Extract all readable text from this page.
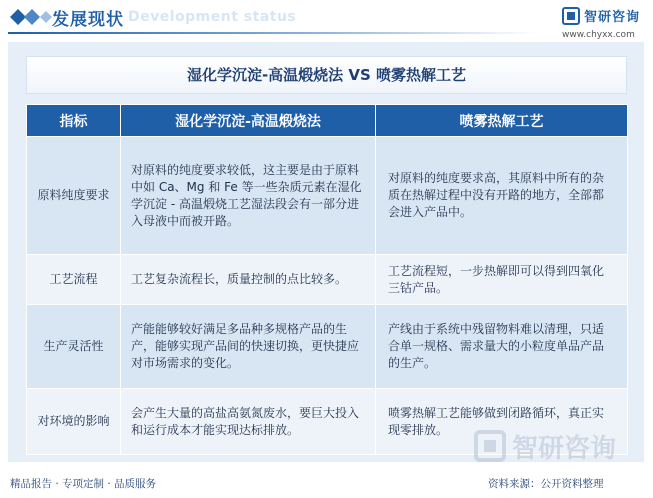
Development status
发展现状	智研咨询
www.chyxx.com
湿化学沉淀-高温煅烧法 VS 喷雾热解工艺
指标	湿化学沉淀-高温煅烧法	喷雾热解工艺
原料纯度要求	对原料的纯度要求较低，这主要是由于原料中如 Ca、Mg 和 Fe 等一些杂质元素在湿化学沉淀 - 高温煅烧工艺湿法段会有一部分进入母液中而被开路。	对原料的纯度要求高，其原料中所有的杂质在热解过程中没有开路的地方，全部都会进入产品中。
工艺流程	工艺复杂流程长，质量控制的点比较多。	工艺流程短，一步热解即可以得到四氧化三钴产品。
生产灵活性	产能能够较好满足多品种多规格产品的生产，能够实现产品间的快速切换，更快捷应对市场需求的变化。	产线由于系统中残留物料难以清理，只适合单一规格、需求量大的小粒度单品产品的生产。
对环境的影响	会产生大量的高盐高氨氮废水，要巨大投入和运行成本才能实现达标排放。	喷雾热解工艺能够做到闭路循环，真正实现零排放。
智研咨询
精品报告 · 专项定制 · 品质服务	资料来源：公开资料整理
